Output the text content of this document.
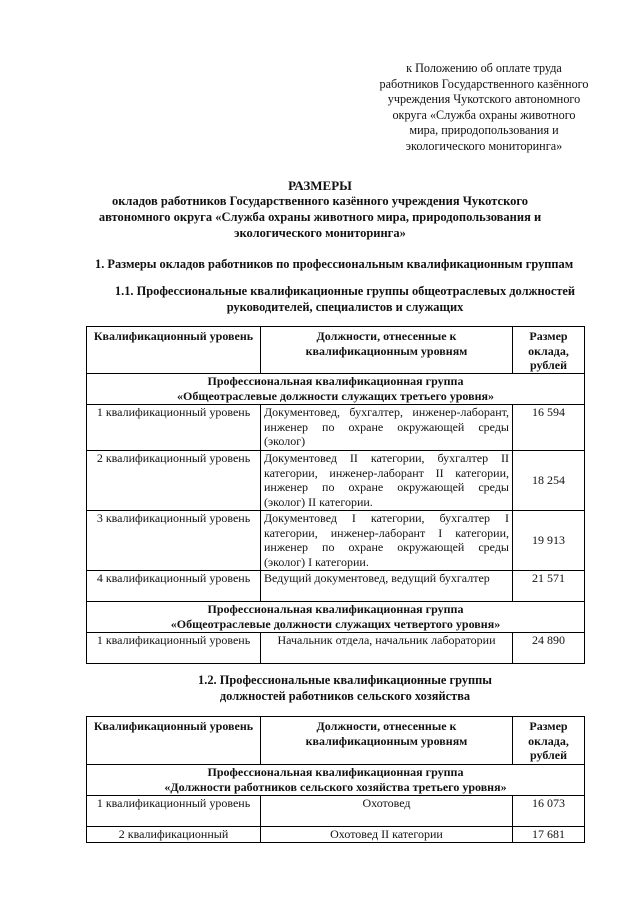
к Положению об оплате труда
работников Государственного казённого
учреждения Чукотского автономного
округа «Служба охраны животного
мира, природопользования и
экологического мониторинга»
РАЗМЕРЫ
окладов работников Государственного казённого учреждения Чукотского
автономного округа «Служба охраны животного мира, природопользования и
экологического мониторинга»
1. Размеры окладов работников по профессиональным квалификационным группам
1.1. Профессиональные квалификационные группы общеотраслевых должностей
руководителей, специалистов и служащих
Квалификационный уровень	Должности, отнесенные к квалификационным уровням	Размер оклада, рублей

Профессиональная квалификационная группа
«Общеотраслевые должности служащих третьего уровня»		

1 квалификационный уровень	Документовед, бухгалтер, инженер-лаборант, инженер по охране окружающей среды (эколог)	16 594
2 квалификационный уровень	Документовед II категории, бухгалтер II категории, инженер-лаборант II категории, инженер по охране окружающей среды (эколог) II категории.	18 254
3 квалификационный уровень	Документовед I категории, бухгалтер I категории, инженер-лаборант I категории, инженер по охране окружающей среды (эколог) I категории.	19 913
4 квалификационный уровень	Ведущий документовед, ведущий бухгалтер	21 571

Профессиональная квалификационная группа
«Общеотраслевые должности служащих четвертого уровня»		

1 квалификационный уровень	Начальник отдела, начальник лаборатории	24 890
1.2. Профессиональные квалификационные группы
должностей работников сельского хозяйства
Квалификационный уровень	Должности, отнесенные к квалификационным уровням	Размер оклада, рублей

Профессиональная квалификационная группа
«Должности работников сельского хозяйства третьего уровня»		

1 квалификационный уровень	Охотовед	16 073
2 квалификационный	Охотовед II категории	17 681
